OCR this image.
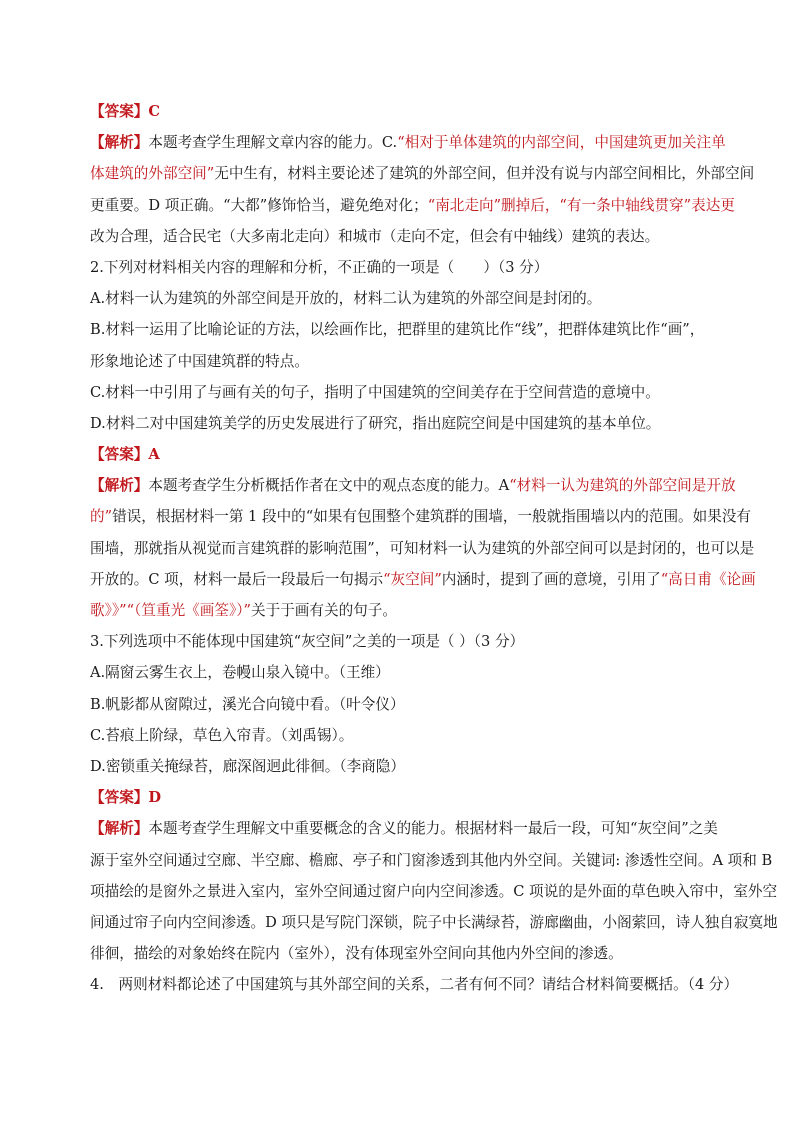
【答案】C
【解析】本题考查学生理解文章内容的能力。C.“相对于单体建筑的内部空间，中国建筑更加关注单
体建筑的外部空间”无中生有，材料主要论述了建筑的外部空间，但并没有说与内部空间相比，外部空间
更重要。D 项正确。“大都”修饰恰当，避免绝对化；“南北走向”删掉后，“有一条中轴线贯穿”表达更
改为合理，适合民宅（大多南北走向）和城市（走向不定，但会有中轴线）建筑的表达。
2.下列对材料相关内容的理解和分析，不正确的一项是（　　）（3 分）
A.材料一认为建筑的外部空间是开放的，材料二认为建筑的外部空间是封闭的。
B.材料一运用了比喻论证的方法，以绘画作比，把群里的建筑比作“线”，把群体建筑比作“画”，
形象地论述了中国建筑群的特点。
C.材料一中引用了与画有关的句子，指明了中国建筑的空间美存在于空间营造的意境中。
D.材料二对中国建筑美学的历史发展进行了研究，指出庭院空间是中国建筑的基本单位。
【答案】A
【解析】本题考查学生分析概括作者在文中的观点态度的能力。A“材料一认为建筑的外部空间是开放
的”错误，根据材料一第 1 段中的“如果有包围整个建筑群的围墙，一般就指围墙以内的范围。如果没有
围墙，那就指从视觉而言建筑群的影响范围”，可知材料一认为建筑的外部空间可以是封闭的，也可以是
开放的。C 项，材料一最后一段最后一句揭示“灰空间”内涵时，提到了画的意境，引用了“高日甫《论画
歌》》”“（笪重光《画筌》）”关于于画有关的句子。
3.下列选项中不能体现中国建筑“灰空间”之美的一项是（ ）（3 分）
A.隔窗云雾生衣上，卷幔山泉入镜中。（王维）
B.帆影都从窗隙过，溪光合向镜中看。（叶令仪）
C.苔痕上阶绿，草色入帘青。（刘禹锡）。
D.密锁重关掩绿苔，廊深阁迥此徘徊。（李商隐）
【答案】D
【解析】本题考查学生理解文中重要概念的含义的能力。根据材料一最后一段，可知“灰空间”之美
源于室外空间通过空廊、半空廊、檐廊、亭子和门窗渗透到其他内外空间。关键词: 渗透性空间。A 项和 B
项描绘的是窗外之景进入室内，室外空间通过窗户向内空间渗透。C 项说的是外面的草色映入帘中，室外空
间通过帘子向内空间渗透。D 项只是写院门深锁，院子中长满绿苔，游廊幽曲，小阁萦回，诗人独自寂寞地
徘徊，描绘的对象始终在院内（室外），没有体现室外空间向其他内外空间的渗透。
4.　两则材料都论述了中国建筑与其外部空间的关系，二者有何不同？请结合材料简要概括。（4 分）
